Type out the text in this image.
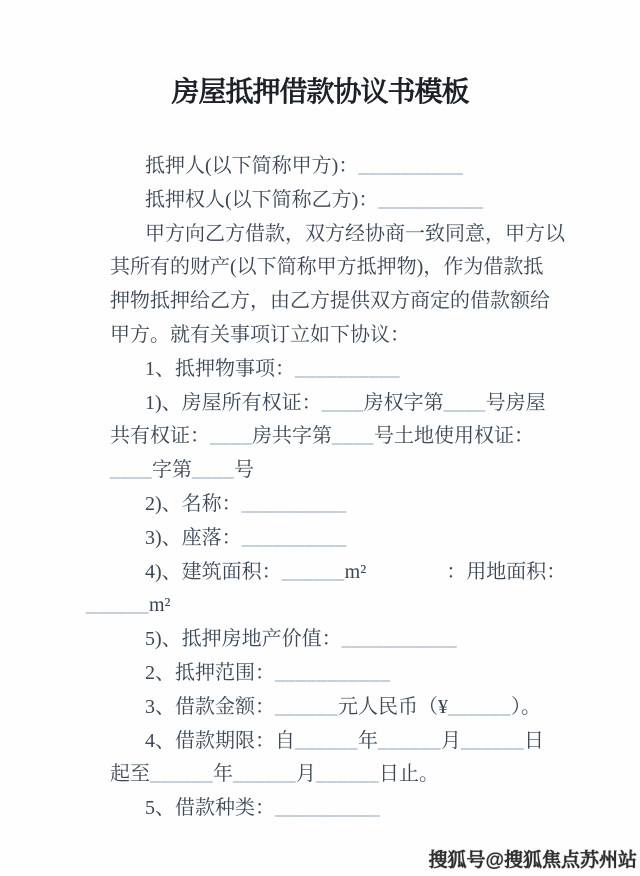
房屋抵押借款协议书模板
抵押人(以下简称甲方)：__________
抵押权人(以下简称乙方)：__________
甲方向乙方借款，双方经协商一致同意，甲方以
其所有的财产(以下简称甲方抵押物)，作为借款抵
押物抵押给乙方，由乙方提供双方商定的借款额给
甲方。就有关事项订立如下协议：
1、抵押物事项：__________
1)、房屋所有权证：____房权字第____号房屋
共有权证：____房共字第____号土地使用权证：
____字第____号
2)、名称：__________
3)、座落：__________
4)、建筑面积：______m²　　　　：用地面积：
______m²
5)、抵押房地产价值：___________
2、抵押范围：___________
3、借款金额：______元人民币（¥______）。
4、借款期限：自______年______月______日
起至______年______月______日止。
5、借款种类：__________
搜狐号@搜狐焦点苏州站
